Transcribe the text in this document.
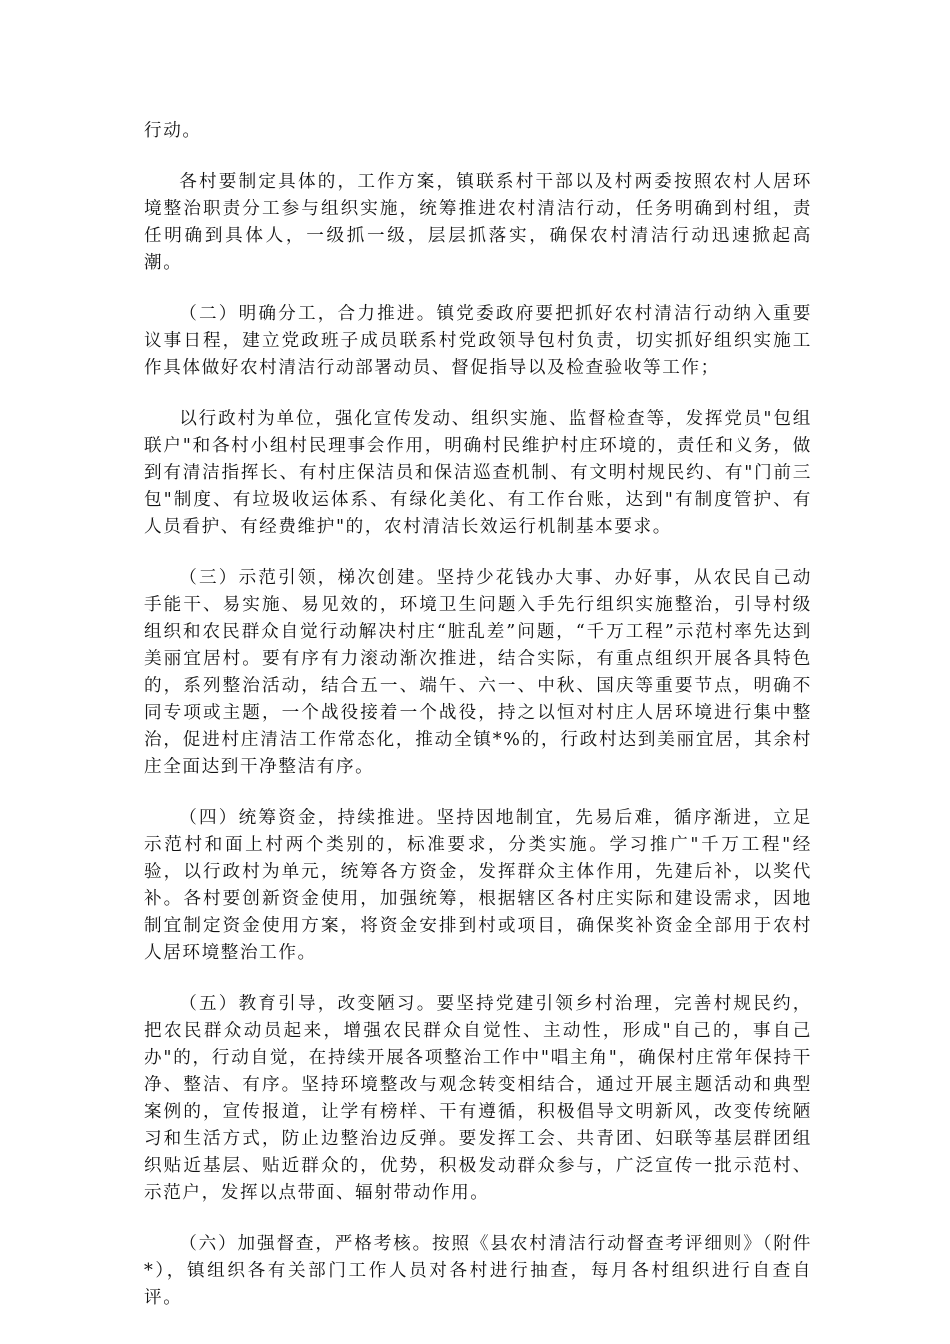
行动。

各村要制定具体的，工作方案，镇联系村干部以及村两委按照农村人居环境整治职责分工参与组织实施，统筹推进农村清洁行动，任务明确到村组，责任明确到具体人，一级抓一级，层层抓落实，确保农村清洁行动迅速掀起高潮。

（二）明确分工，合力推进。镇党委政府要把抓好农村清洁行动纳入重要议事日程，建立党政班子成员联系村党政领导包村负责，切实抓好组织实施工作具体做好农村清洁行动部署动员、督促指导以及检查验收等工作；

以行政村为单位，强化宣传发动、组织实施、监督检查等，发挥党员"包组联户"和各村小组村民理事会作用，明确村民维护村庄环境的，责任和义务，做到有清洁指挥长、有村庄保洁员和保洁巡查机制、有文明村规民约、有"门前三包"制度、有垃圾收运体系、有绿化美化、有工作台账，达到"有制度管护、有人员看护、有经费维护"的，农村清洁长效运行机制基本要求。

（三）示范引领，梯次创建。坚持少花钱办大事、办好事，从农民自己动手能干、易实施、易见效的，环境卫生问题入手先行组织实施整治，引导村级组织和农民群众自觉行动解决村庄“脏乱差”问题，“千万工程”示范村率先达到美丽宜居村。要有序有力滚动渐次推进，结合实际，有重点组织开展各具特色的，系列整治活动，结合五一、端午、六一、中秋、国庆等重要节点，明确不同专项或主题，一个战役接着一个战役，持之以恒对村庄人居环境进行集中整治，促进村庄清洁工作常态化，推动全镇*%的，行政村达到美丽宜居，其余村庄全面达到干净整洁有序。

（四）统筹资金，持续推进。坚持因地制宜，先易后难，循序渐进，立足示范村和面上村两个类别的，标准要求，分类实施。学习推广"千万工程"经验，以行政村为单元，统筹各方资金，发挥群众主体作用，先建后补，以奖代补。各村要创新资金使用，加强统筹，根据辖区各村庄实际和建设需求，因地制宜制定资金使用方案，将资金安排到村或项目，确保奖补资金全部用于农村人居环境整治工作。

（五）教育引导，改变陋习。要坚持党建引领乡村治理，完善村规民约，把农民群众动员起来，增强农民群众自觉性、主动性，形成"自己的，事自己办"的，行动自觉，在持续开展各项整治工作中"唱主角"，确保村庄常年保持干净、整洁、有序。坚持环境整改与观念转变相结合，通过开展主题活动和典型案例的，宣传报道，让学有榜样、干有遵循，积极倡导文明新风，改变传统陋习和生活方式，防止边整治边反弹。要发挥工会、共青团、妇联等基层群团组织贴近基层、贴近群众的，优势，积极发动群众参与，广泛宣传一批示范村、示范户，发挥以点带面、辐射带动作用。

（六）加强督查，严格考核。按照《县农村清洁行动督查考评细则》（附件*），镇组织各有关部门工作人员对各村进行抽查，每月各村组织进行自查自评。
